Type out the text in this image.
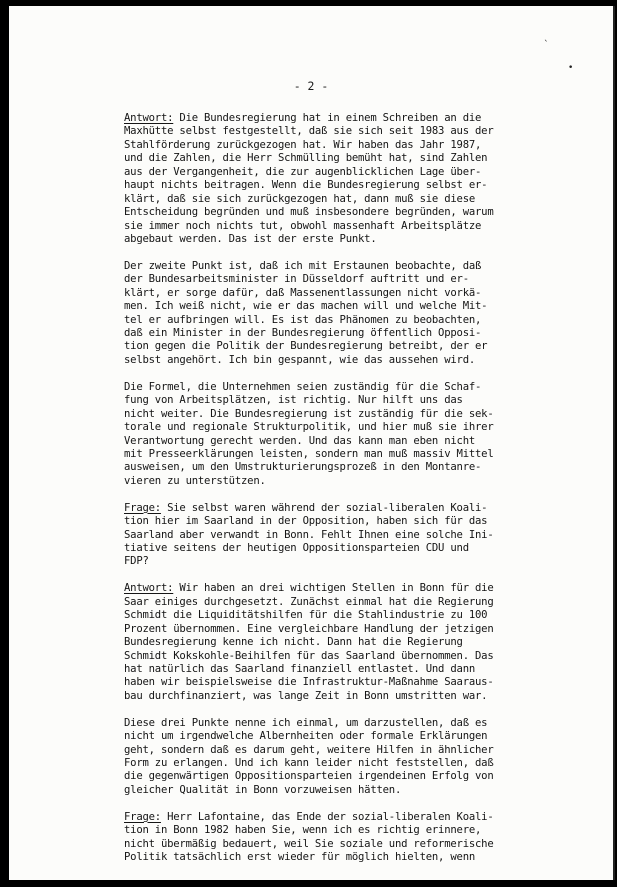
ˋ
•
- 2 -
Antwort: Die Bundesregierung hat in einem Schreiben an die
Maxhütte selbst festgestellt, daß sie sich seit 1983 aus der
Stahlförderung zurückgezogen hat. Wir haben das Jahr 1987,
und die Zahlen, die Herr Schmülling bemüht hat, sind Zahlen
aus der Vergangenheit, die zur augenblicklichen Lage über-
haupt nichts beitragen. Wenn die Bundesregierung selbst er-
klärt, daß sie sich zurückgezogen hat, dann muß sie diese
Entscheidung begründen und muß insbesondere begründen, warum
sie immer noch nichts tut, obwohl massenhaft Arbeitsplätze
abgebaut werden. Das ist der erste Punkt.
Der zweite Punkt ist, daß ich mit Erstaunen beobachte, daß
der Bundesarbeitsminister in Düsseldorf auftritt und er-
klärt, er sorge dafür, daß Massenentlassungen nicht vorkä-
men. Ich weiß nicht, wie er das machen will und welche Mit-
tel er aufbringen will. Es ist das Phänomen zu beobachten,
daß ein Minister in der Bundesregierung öffentlich Opposi-
tion gegen die Politik der Bundesregierung betreibt, der er
selbst angehört. Ich bin gespannt, wie das aussehen wird.
Die Formel, die Unternehmen seien zuständig für die Schaf-
fung von Arbeitsplätzen, ist richtig. Nur hilft uns das
nicht weiter. Die Bundesregierung ist zuständig für die sek-
torale und regionale Strukturpolitik, und hier muß sie ihrer
Verantwortung gerecht werden. Und das kann man eben nicht
mit Presseerklärungen leisten, sondern man muß massiv Mittel
ausweisen, um den Umstrukturierungsprozeß in den Montanre-
vieren zu unterstützen.
Frage: Sie selbst waren während der sozial-liberalen Koali-
tion hier im Saarland in der Opposition, haben sich für das
Saarland aber verwandt in Bonn. Fehlt Ihnen eine solche Ini-
tiative seitens der heutigen Oppositionsparteien CDU und
FDP?
Antwort: Wir haben an drei wichtigen Stellen in Bonn für die
Saar einiges durchgesetzt. Zunächst einmal hat die Regierung
Schmidt die Liquiditätshilfen für die Stahlindustrie zu 100
Prozent übernommen. Eine vergleichbare Handlung der jetzigen
Bundesregierung kenne ich nicht. Dann hat die Regierung
Schmidt Kokskohle-Beihilfen für das Saarland übernommen. Das
hat natürlich das Saarland finanziell entlastet. Und dann
haben wir beispielsweise die Infrastruktur-Maßnahme Saaraus-
bau durchfinanziert, was lange Zeit in Bonn umstritten war.
Diese drei Punkte nenne ich einmal, um darzustellen, daß es
nicht um irgendwelche Albernheiten oder formale Erklärungen
geht, sondern daß es darum geht, weitere Hilfen in ähnlicher
Form zu erlangen. Und ich kann leider nicht feststellen, daß
die gegenwärtigen Oppositionsparteien irgendeinen Erfolg von
gleicher Qualität in Bonn vorzuweisen hätten.
Frage: Herr Lafontaine, das Ende der sozial-liberalen Koali-
tion in Bonn 1982 haben Sie, wenn ich es richtig erinnere,
nicht übermäßig bedauert, weil Sie soziale und reformerische
Politik tatsächlich erst wieder für möglich hielten, wenn
